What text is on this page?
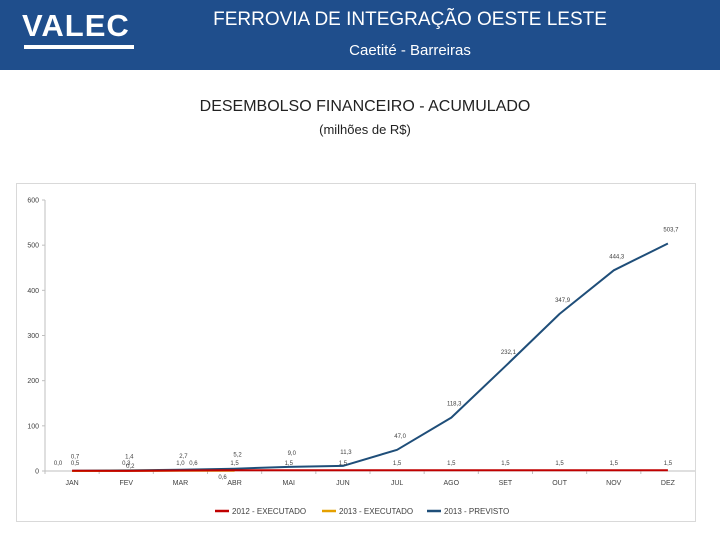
VALEC	FERROVIA DE INTEGRAÇÃO OESTE LESTE
Caetité - Barreiras
DESEMBOLSO FINANCEIRO - ACUMULADO
(milhões de R$)
0
100
200
300
400
500
600
JAN	FEV	MAR	ABR	MAI	JUN	JUL	AGO	SET	OUT	NOV	DEZ
0,7	1,4	2,7	5,2	9,0	11,3
47,0
118,3
232,1
347,9
444,3
503,7
0,5	0,3	1,0	1,5	1,5	1,5	1,5	1,5	1,5	1,5	1,5	1,5
0,0	0,2	0,6
0,6
2012 - EXECUTADO	2013 - EXECUTADO	2013 - PREVISTO
